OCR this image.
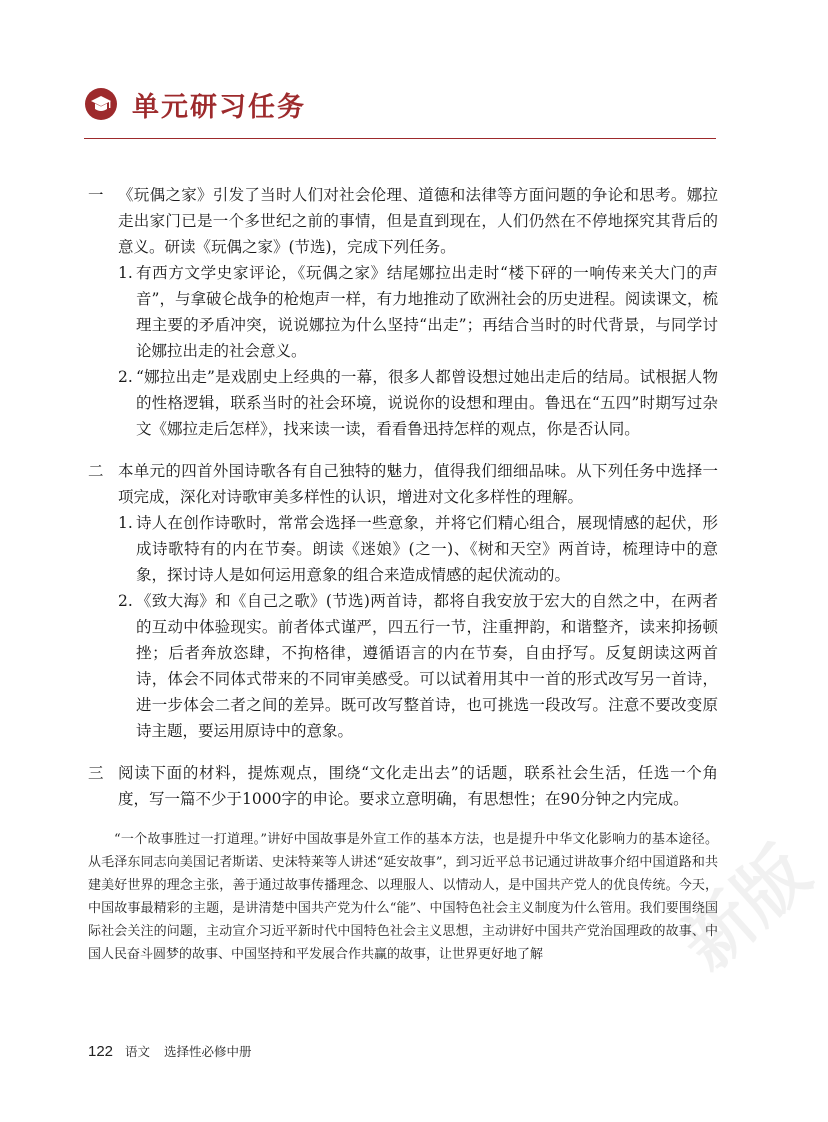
单元研习任务
一 《玩偶之家》引发了当时人们对社会伦理、道德和法律等方面问题的争论和思考。娜拉走出家门已是一个多世纪之前的事情，但是直到现在，人们仍然在不停地探究其背后的意义。研读《玩偶之家》(节选)，完成下列任务。
1. 有西方文学史家评论，《玩偶之家》结尾娜拉出走时“楼下砰的一响传来关大门的声音”，与拿破仑战争的枪炮声一样，有力地推动了欧洲社会的历史进程。阅读课文，梳理主要的矛盾冲突，说说娜拉为什么坚持“出走”；再结合当时的时代背景，与同学讨论娜拉出走的社会意义。
2. “娜拉出走”是戏剧史上经典的一幕，很多人都曾设想过她出走后的结局。试根据人物的性格逻辑，联系当时的社会环境，说说你的设想和理由。鲁迅在“五四”时期写过杂文《娜拉走后怎样》，找来读一读，看看鲁迅持怎样的观点，你是否认同。
二 本单元的四首外国诗歌各有自己独特的魅力，值得我们细细品味。从下列任务中选择一项完成，深化对诗歌审美多样性的认识，增进对文化多样性的理解。
1. 诗人在创作诗歌时，常常会选择一些意象，并将它们精心组合，展现情感的起伏，形成诗歌特有的内在节奏。朗读《迷娘》(之一)、《树和天空》两首诗，梳理诗中的意象，探讨诗人是如何运用意象的组合来造成情感的起伏流动的。
2. 《致大海》和《自己之歌》(节选)两首诗，都将自我安放于宏大的自然之中，在两者的互动中体验现实。前者体式谨严，四五行一节，注重押韵，和谐整齐，读来抑扬顿挫；后者奔放恣肆，不拘格律，遵循语言的内在节奏，自由抒写。反复朗读这两首诗，体会不同体式带来的不同审美感受。可以试着用其中一首的形式改写另一首诗，进一步体会二者之间的差异。既可改写整首诗，也可挑选一段改写。注意不要改变原诗主题，要运用原诗中的意象。
三 阅读下面的材料，提炼观点，围绕“文化走出去”的话题，联系社会生活，任选一个角度，写一篇不少于1000字的申论。要求立意明确，有思想性；在90分钟之内完成。
“一个故事胜过一打道理。”讲好中国故事是外宣工作的基本方法，也是提升中华文化影响力的基本途径。从毛泽东同志向美国记者斯诺、史沫特莱等人讲述“延安故事”，到习近平总书记通过讲故事介绍中国道路和共建美好世界的理念主张，善于通过故事传播理念、以理服人、以情动人，是中国共产党人的优良传统。今天，中国故事最精彩的主题，是讲清楚中国共产党为什么“能”、中国特色社会主义制度为什么管用。我们要围绕国际社会关注的问题，主动宣介习近平新时代中国特色社会主义思想，主动讲好中国共产党治国理政的故事、中国人民奋斗圆梦的故事、中国坚持和平发展合作共赢的故事，让世界更好地了解	新版
122 语文 选择性必修中册
